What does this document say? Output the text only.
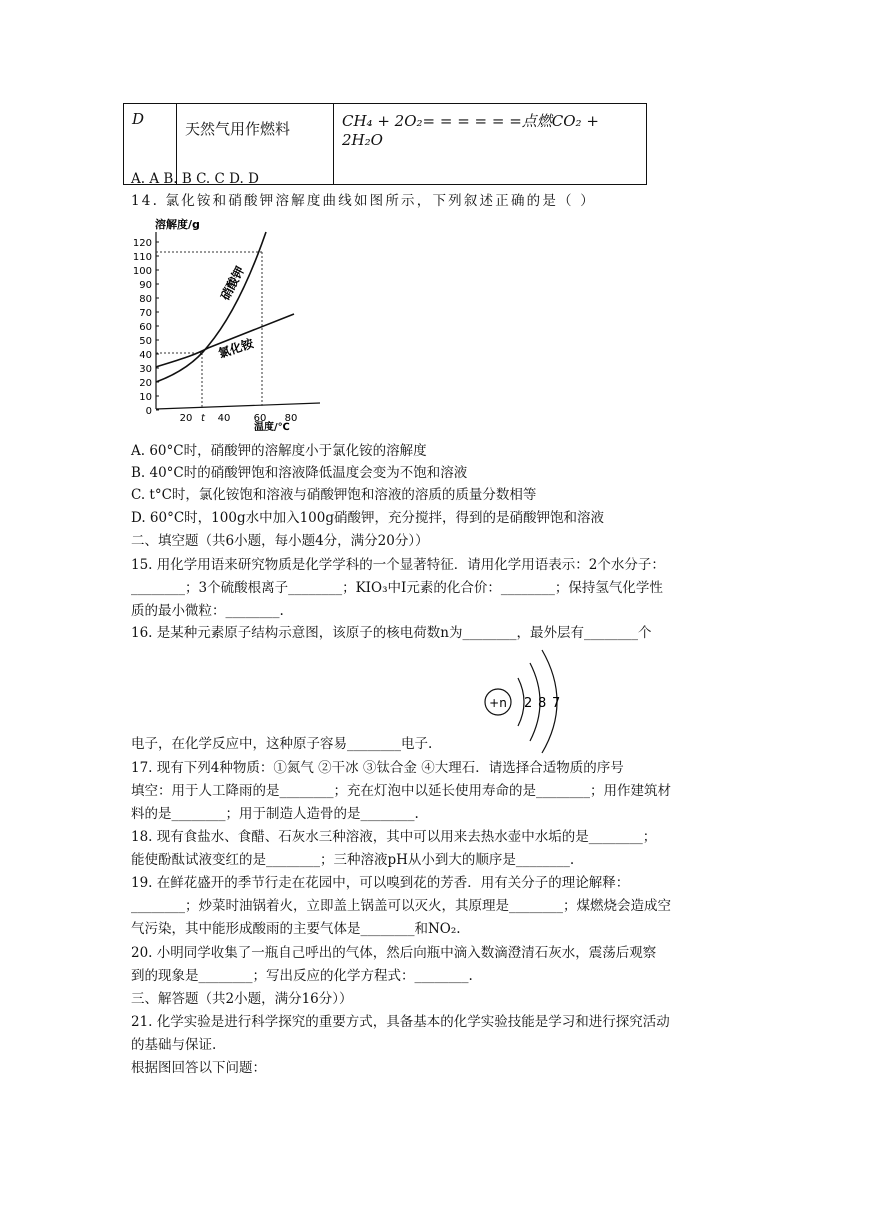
D	天然气用作燃料	CH₄ + 2O₂= = = = = =点燃CO₂ + 2H₂O
A. A B. B C. C D. D
14. 氯化铵和硝酸钾溶解度曲线如图所示，下列叙述正确的是（ ）
溶解度/g
120
110
100
90
80
70
60
50
40
30
20
10
0
20 t 40 60 80
硝酸钾
氯化铵
温度/℃
A. 60°C时，硝酸钾的溶解度小于氯化铵的溶解度
B. 40°C时的硝酸钾饱和溶液降低温度会变为不饱和溶液
C. t°C时，氯化铵饱和溶液与硝酸钾饱和溶液的溶质的质量分数相等
D. 60°C时，100g水中加入100g硝酸钾，充分搅拌，得到的是硝酸钾饱和溶液
二、填空题（共6小题，每小题4分，满分20分））
15. 用化学用语来研究物质是化学学科的一个显著特征．请用化学用语表示：2个水分子：
________；3个硫酸根离子________；KIO₃中I元素的化合价：________；保持氢气化学性
质的最小微粒：________.
16. 是某种元素原子结构示意图，该原子的核电荷数n为________，最外层有________个
+n 2 8 7
电子，在化学反应中，这种原子容易________电子.
17. 现有下列4种物质：①氮气 ②干冰 ③钛合金 ④大理石．请选择合适物质的序号
填空：用于人工降雨的是________；充在灯泡中以延长使用寿命的是________；用作建筑材
料的是________；用于制造人造骨的是________.
18. 现有食盐水、食醋、石灰水三种溶液，其中可以用来去热水壶中水垢的是________；
能使酚酞试液变红的是________；三种溶液pH从小到大的顺序是________.
19. 在鲜花盛开的季节行走在花园中，可以嗅到花的芳香．用有关分子的理论解释：
________；炒菜时油锅着火，立即盖上锅盖可以灭火，其原理是________；煤燃烧会造成空
气污染，其中能形成酸雨的主要气体是________和NO₂.
20. 小明同学收集了一瓶自己呼出的气体，然后向瓶中滴入数滴澄清石灰水，震荡后观察
到的现象是________；写出反应的化学方程式：________.
三、解答题（共2小题，满分16分））
21. 化学实验是进行科学探究的重要方式，具备基本的化学实验技能是学习和进行探究活动
的基础与保证.
根据图回答以下问题：
